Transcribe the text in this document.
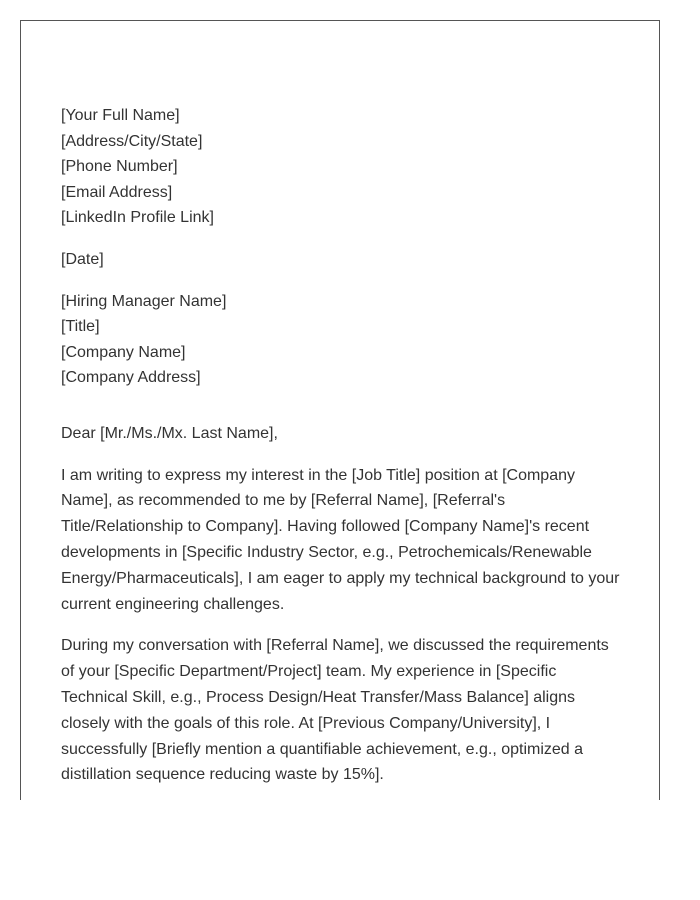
[Your Full Name]
[Address/City/State]
[Phone Number]
[Email Address]
[LinkedIn Profile Link]
[Date]
[Hiring Manager Name]
[Title]
[Company Name]
[Company Address]
Dear [Mr./Ms./Mx. Last Name],

I am writing to express my interest in the [Job Title] position at [Company Name], as recommended to me by [Referral Name], [Referral's Title/Relationship to Company]. Having followed [Company Name]'s recent developments in [Specific Industry Sector, e.g., Petrochemicals/Renewable Energy/Pharmaceuticals], I am eager to apply my technical background to your current engineering challenges.

During my conversation with [Referral Name], we discussed the requirements of your [Specific Department/Project] team. My experience in [Specific Technical Skill, e.g., Process Design/Heat Transfer/Mass Balance] aligns closely with the goals of this role. At [Previous Company/University], I successfully [Briefly mention a quantifiable achievement, e.g., optimized a distillation sequence reducing waste by 15%].
